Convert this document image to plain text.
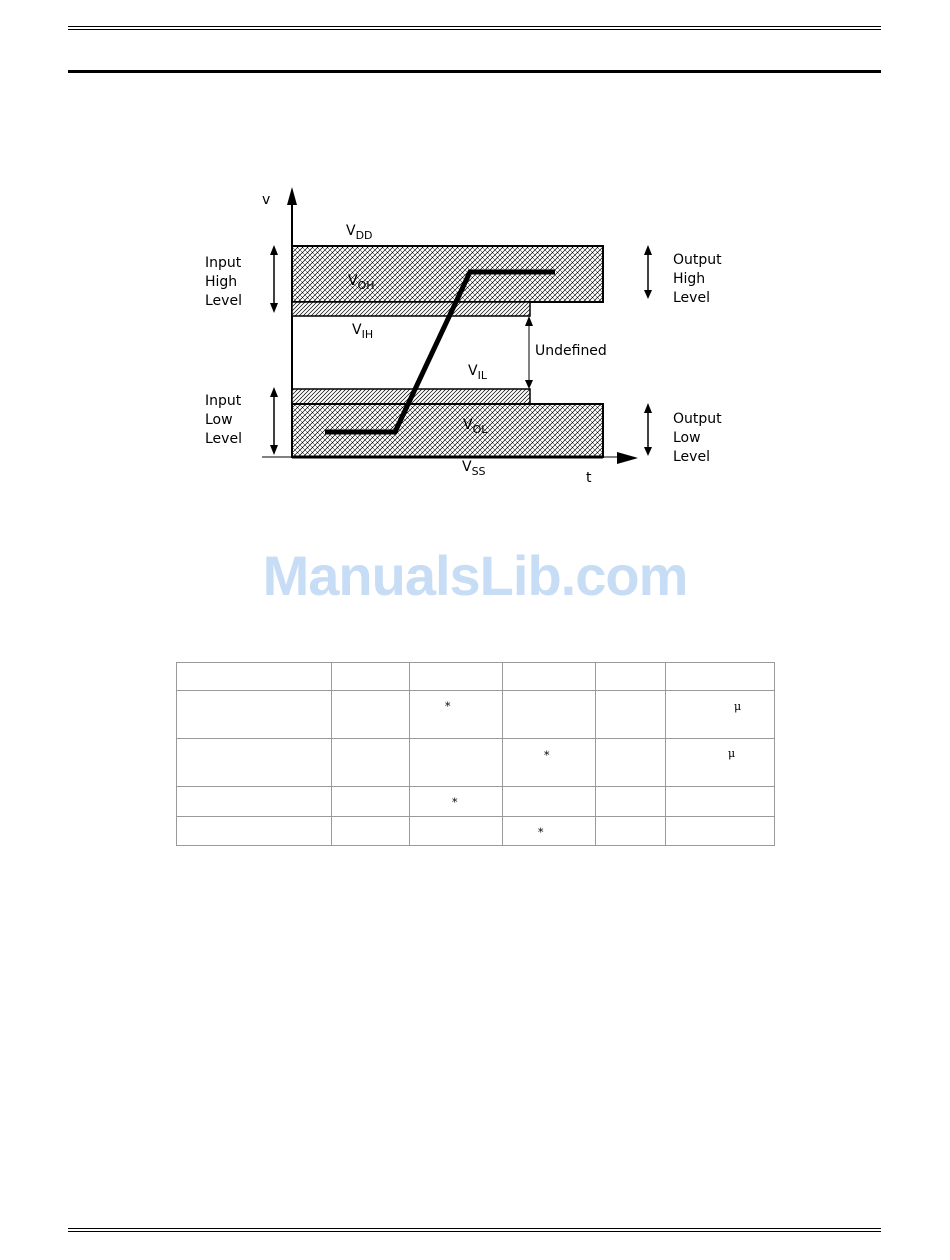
v
t
$V_{DD}$
$V_{OH}$
$V_{IH}$
$V_{IL}$
$V_{OL}$
$V_{SS}$
Input High Level
Input Low Level
Output High Level
Output Low Level
Undefined
ManualsLib.com

		*			μ

			*		μ

		*			

			*		
